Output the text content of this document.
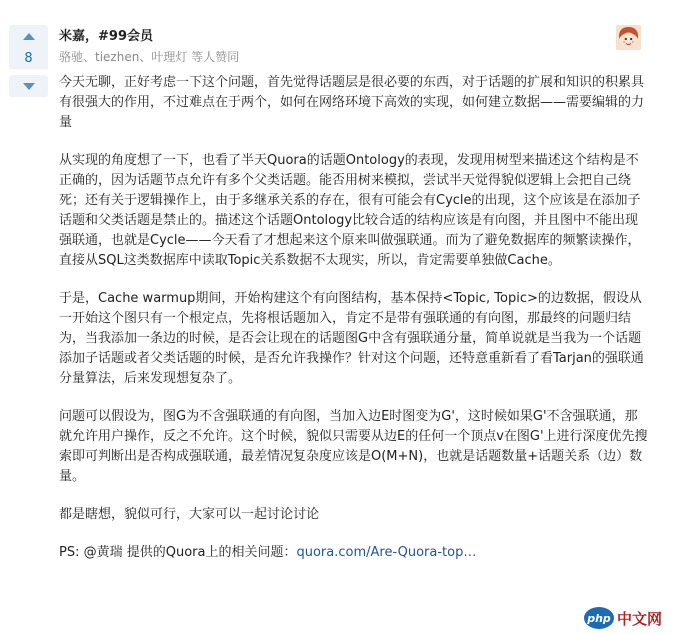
8
米嘉，#99会员
骆驰、tiezhen、叶理灯 等人赞同

今天无聊，正好考虑一下这个问题，首先觉得话题层是很必要的东西，对于话题的扩展和知识的积累具有很强大的作用，不过难点在于两个，如何在网络环境下高效的实现，如何建立数据——需要编辑的力量

从实现的角度想了一下，也看了半天Quora的话题Ontology的表现，发现用树型来描述这个结构是不正确的，因为话题节点允许有多个父类话题。能否用树来模拟，尝试半天觉得貌似逻辑上会把自己绕死；还有关于逻辑操作上，由于多继承关系的存在，很有可能会有Cycle的出现，这个应该是在添加子话题和父类话题是禁止的。描述这个话题Ontology比较合适的结构应该是有向图，并且图中不能出现强联通，也就是Cycle——今天看了才想起来这个原来叫做强联通。而为了避免数据库的频繁读操作，直接从SQL这类数据库中读取Topic关系数据不太现实，所以，肯定需要单独做Cache。

于是，Cache warmup期间，开始构建这个有向图结构，基本保持<Topic, Topic>的边数据，假设从一开始这个图只有一个根定点，先将根话题加入，肯定不是带有强联通的有向图，那最终的问题归结为，当我添加一条边的时候，是否会让现在的话题图G中含有强联通分量，简单说就是当我为一个话题添加子话题或者父类话题的时候，是否允许我操作？针对这个问题，还特意重新看了看Tarjan的强联通分量算法，后来发现想复杂了。

问题可以假设为，图G为不含强联通的有向图，当加入边E时图变为G'，这时候如果G'不含强联通，那就允许用户操作，反之不允许。这个时候，貌似只需要从边E的任何一个顶点v在图G'上进行深度优先搜索即可判断出是否构成强联通，最差情况复杂度应该是O(M+N)，也就是话题数量+话题关系（边）数量。

都是瞎想，貌似可行，大家可以一起讨论讨论

PS: @黄瑞 提供的Quora上的相关问题：quora.com/Are-Quora-top…

php 中文网
